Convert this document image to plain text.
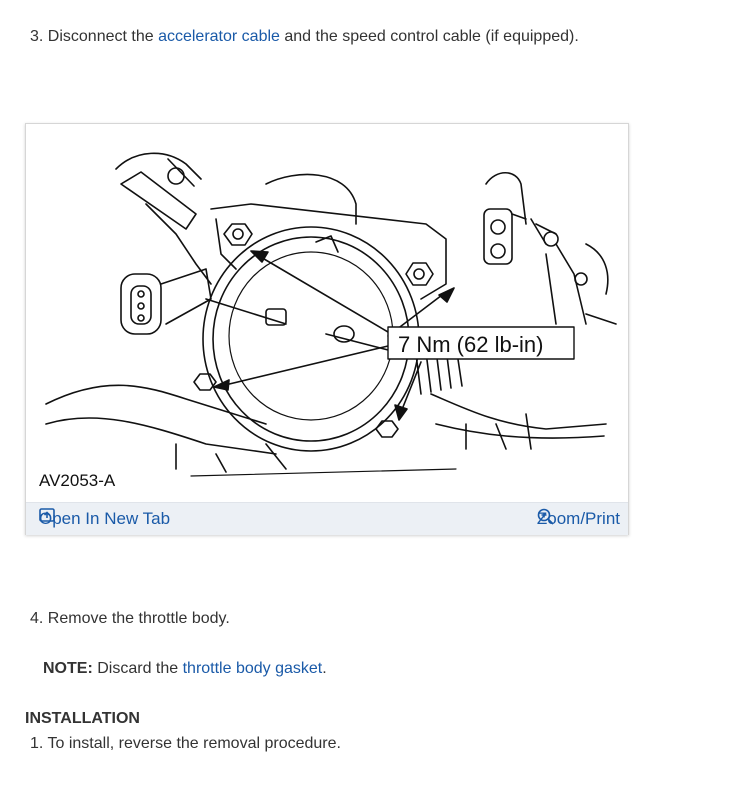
3. Disconnect the accelerator cable and the speed control cable (if equipped).
7 Nm (62 lb-in)
AV2053-A
Open In New Tab	Zoom/Print
4. Remove the throttle body.
NOTE: Discard the throttle body gasket.
INSTALLATION
1. To install, reverse the removal procedure.
